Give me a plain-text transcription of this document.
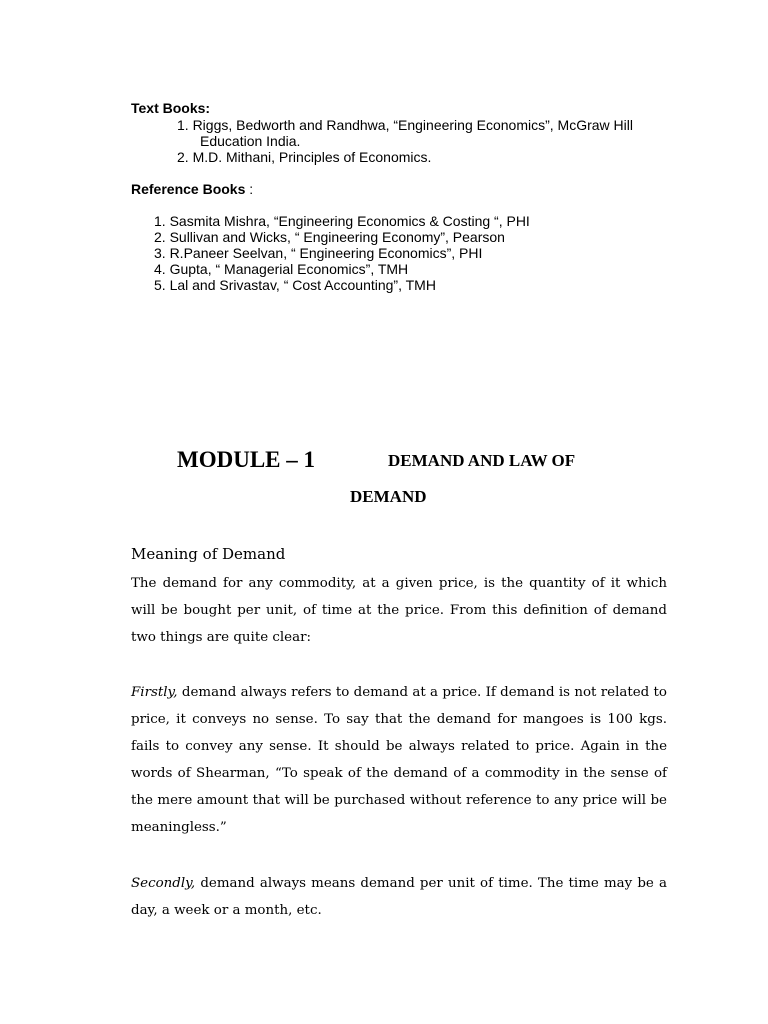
Text Books:
1. Riggs, Bedworth and Randhwa, “Engineering Economics”, McGraw Hill
Education India.
2. M.D. Mithani, Principles of Economics.
Reference Books :
1. Sasmita Mishra, “Engineering Economics & Costing “, PHI
2. Sullivan and Wicks, “ Engineering Economy”, Pearson
3. R.Paneer Seelvan, “ Engineering Economics”, PHI
4. Gupta, “ Managerial Economics”, TMH
5. Lal and Srivastav, “ Cost Accounting”, TMH
MODULE – 1	DEMAND AND LAW OF
DEMAND
Meaning of Demand

The demand for any commodity, at a given price, is the quantity of it which will be bought per unit, of time at the price. From this definition of demand two things are quite clear:

Firstly, demand always refers to demand at a price. If demand is not related to price, it conveys no sense. To say that the demand for mangoes is 100 kgs. fails to convey any sense. It should be always related to price. Again in the words of Shearman, “To speak of the demand of a commodity in the sense of the mere amount that will be purchased without reference to any price will be meaningless.”

Secondly, demand always means demand per unit of time. The time may be a day, a week or a month, etc.
